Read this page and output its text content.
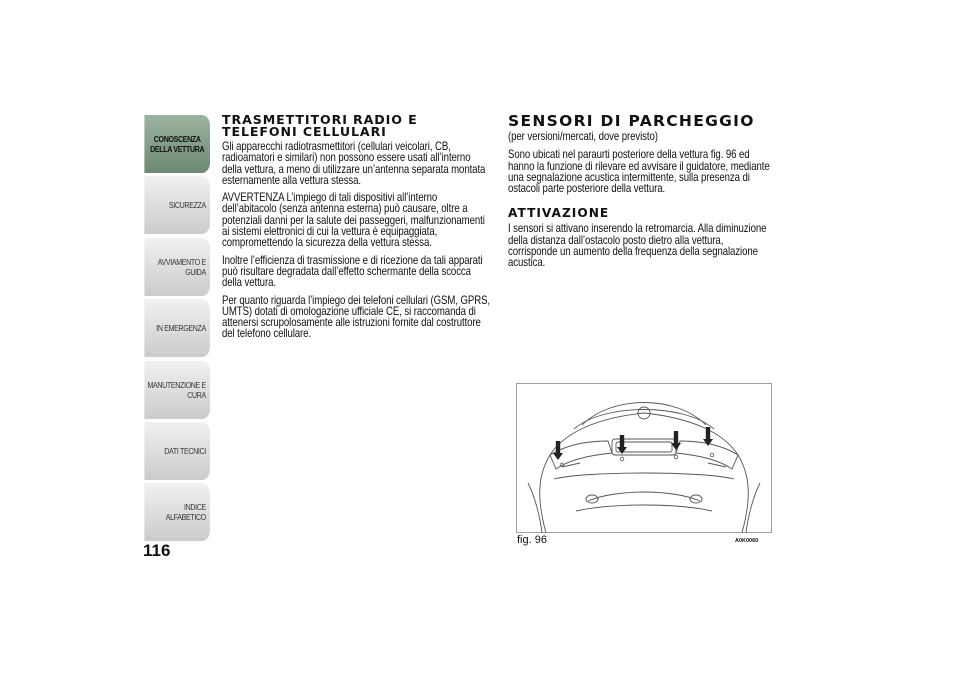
CONOSCENZA
DELLA VETTURA
SICUREZZA
AVVIAMENTO E
GUIDA
IN EMERGENZA
MANUTENZIONE E
CURA
DATI TECNICI
INDICE ALFABETICO
116
TRASMETTITORI RADIO E TELEFONI CELLULARI

Gli apparecchi radiotrasmettitori (cellulari veicolari, CB, radioamatori e similari) non possono essere usati all’interno della vettura, a meno di utilizzare un’antenna separata montata esternamente alla vettura stessa.

AVVERTENZA L’impiego di tali dispositivi all’interno dell’abitacolo (senza antenna esterna) può causare, oltre a potenziali danni per la salute dei passeggeri, malfunzionamenti ai sistemi elettronici di cui la vettura è equipaggiata, compromettendo la sicurezza della vettura stessa.

Inoltre l’efficienza di trasmissione e di ricezione da tali apparati può risultare degradata dall’effetto schermante della scocca della vettura.

Per quanto riguarda l’impiego dei telefoni cellulari (GSM, GPRS, UMTS) dotati di omologazione ufficiale CE, si raccomanda di attenersi scrupolosamente alle istruzioni fornite dal costruttore del telefono cellulare.

SENSORI DI PARCHEGGIO

(per versioni/mercati, dove previsto)

Sono ubicati nel paraurti posteriore della vettura fig. 96 ed hanno la funzione di rilevare ed avvisare il guidatore, mediante una segnalazione acustica intermittente, sulla presenza di ostacoli parte posteriore della vettura.

ATTIVAZIONE

I sensori si attivano inserendo la retromarcia. Alla diminuzione della distanza dall’ostacolo posto dietro alla vettura, corrisponde un aumento della frequenza della segnalazione acustica.

fig. 96	A0K0060
